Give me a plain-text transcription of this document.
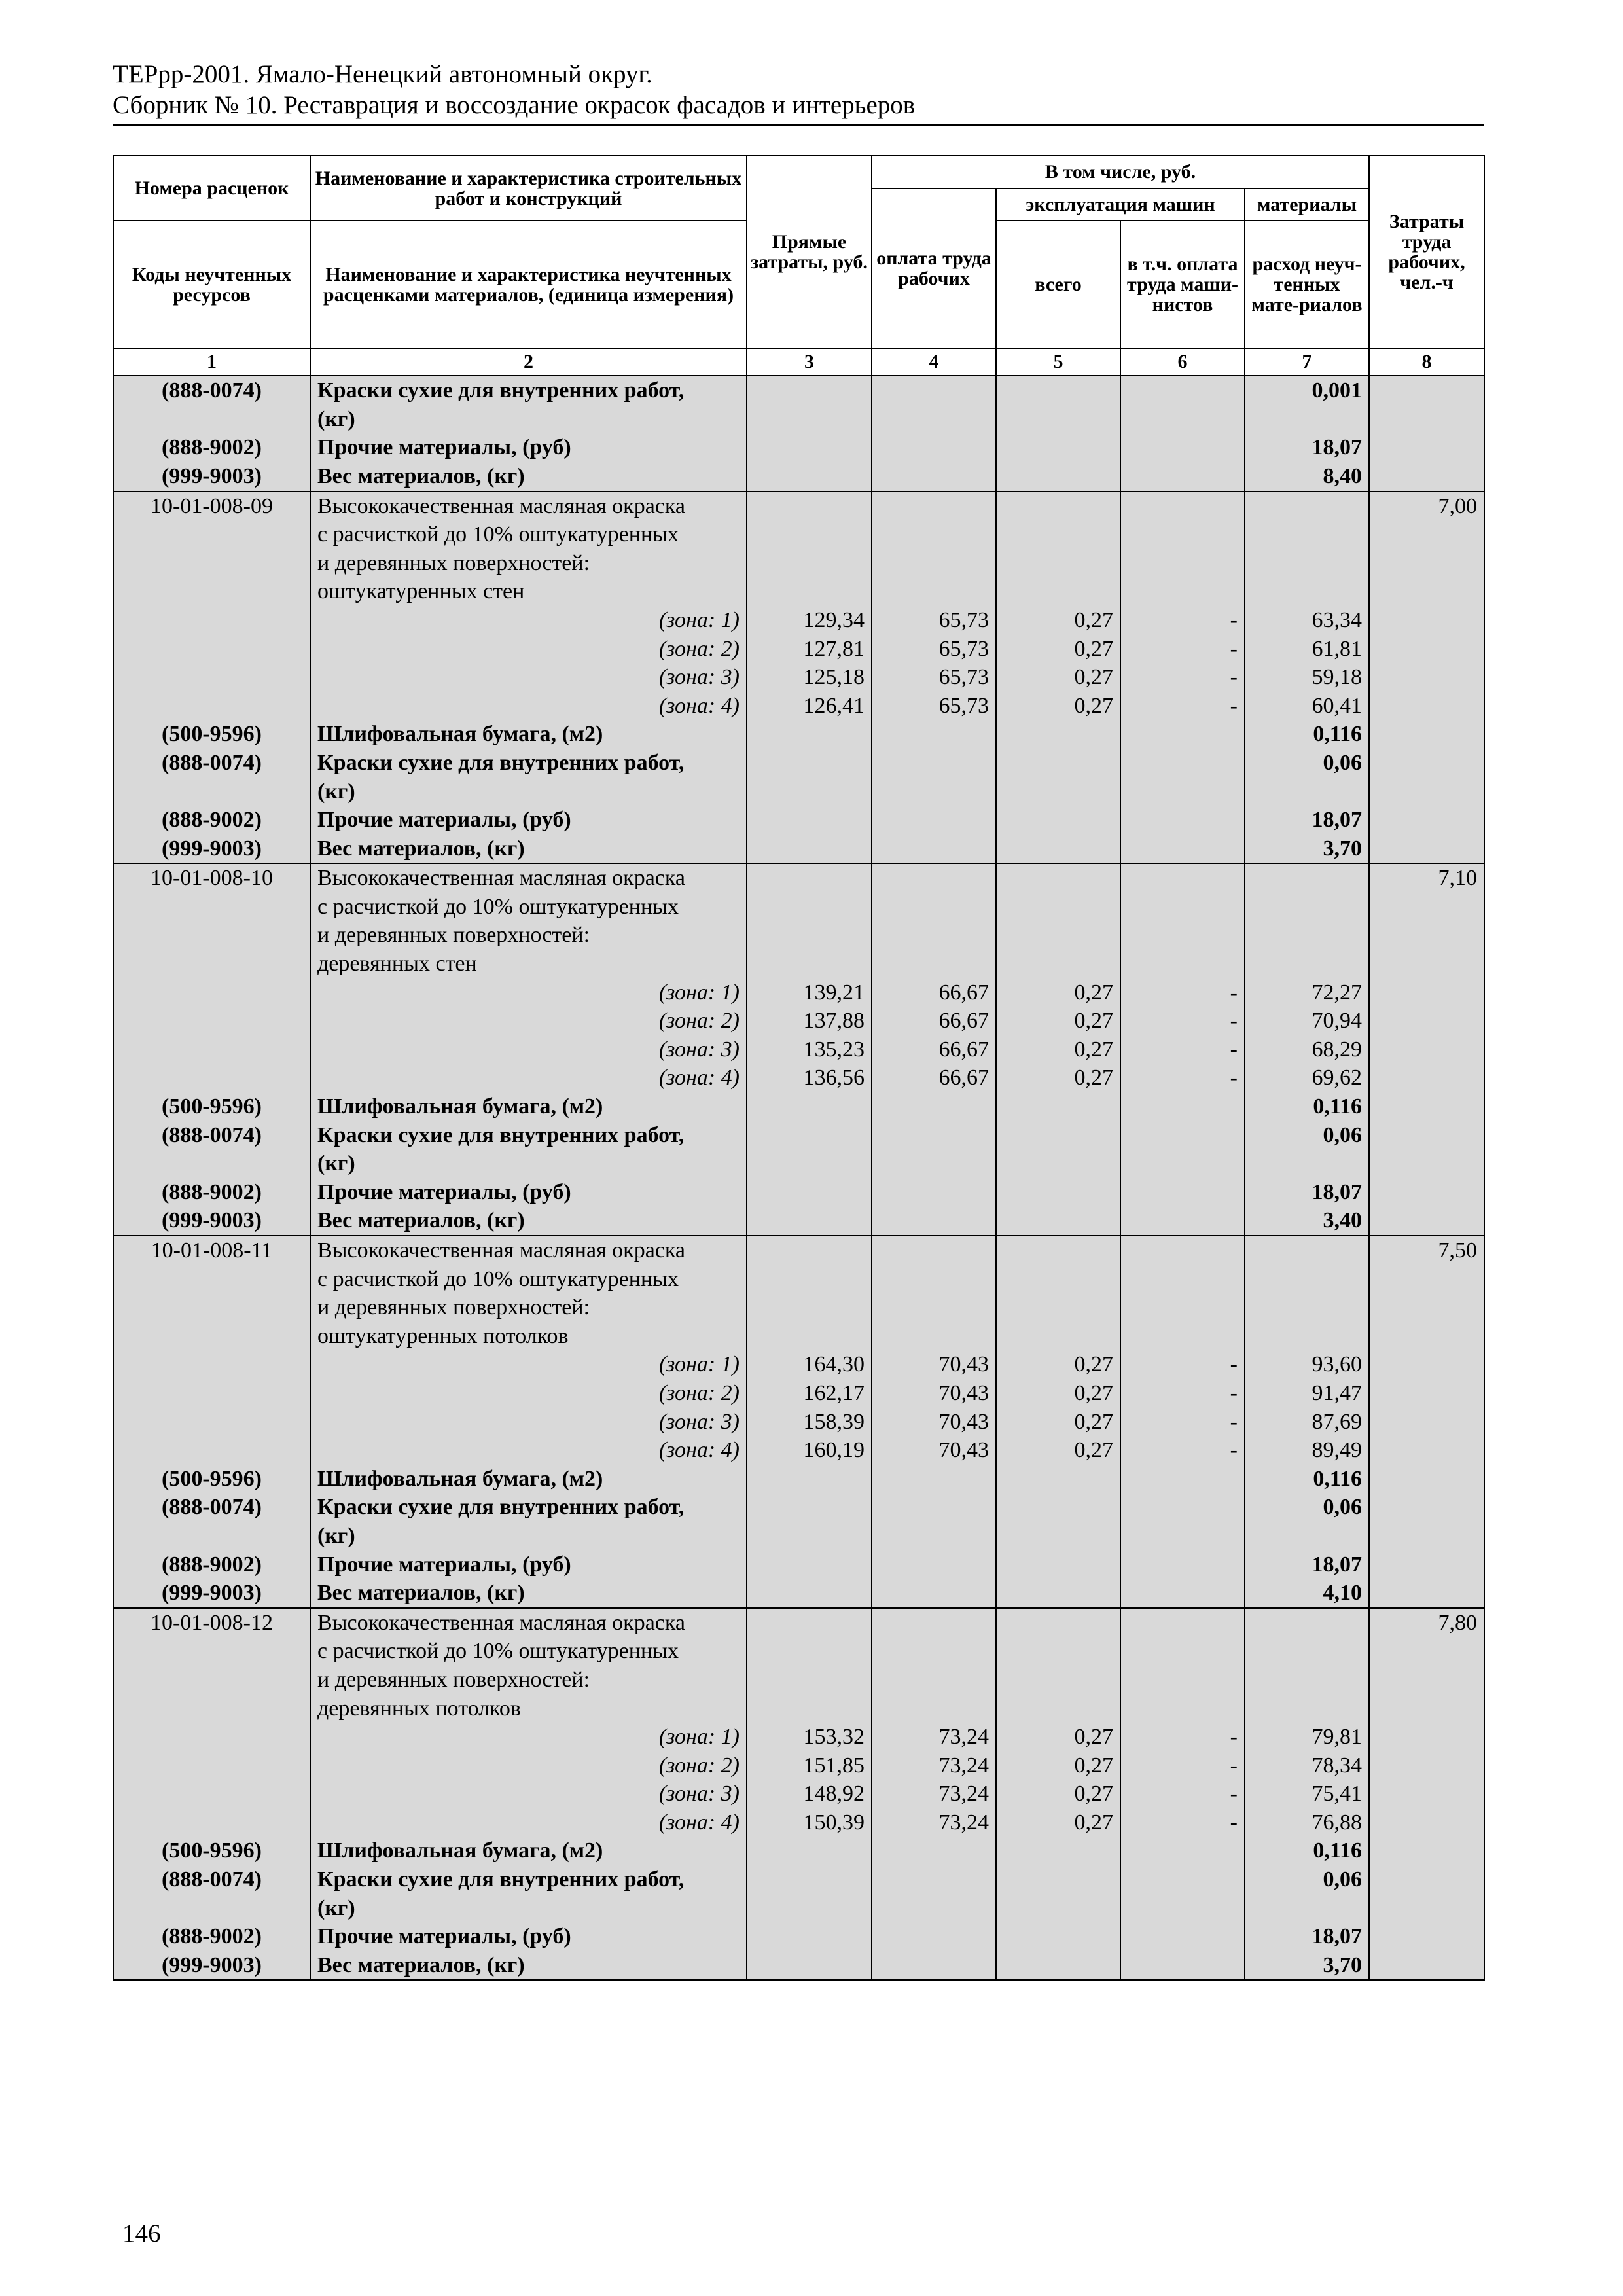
ТЕРрр-2001. Ямало-Ненецкий автономный округ.
Сборник № 10. Реставрация и воссоздание окрасок фасадов и интерьеров
Номера расценок	Наименование и характеристика строительных работ и конструкций	Прямые затраты, руб.	В том числе, руб.				Затраты труда рабочих, чел.-ч
			оплата труда рабочих	эксплуатация машин		материалы	
Коды неучтенных ресурсов	Наименование и характеристика неучтенных расценками материалов, (единица измерения)			всего	в т.ч. оплата труда маши-нистов	расход неуч-тенных мате-риалов	
1	2	3	4	5	6	7	8
(888-0074)	Краски сухие для внутренних работ,					0,001	
	(кг)						
(888-9002)	Прочие материалы, (руб)					18,07	
(999-9003)	Вес материалов, (кг)					8,40	
10-01-008-09	Высококачественная масляная окраска						7,00
	с расчисткой до 10% оштукатуренных						
	и деревянных поверхностей:						
	оштукатуренных стен						
	(зона: 1)	129,34	65,73	0,27	-	63,34	
	(зона: 2)	127,81	65,73	0,27	-	61,81	
	(зона: 3)	125,18	65,73	0,27	-	59,18	
	(зона: 4)	126,41	65,73	0,27	-	60,41	
(500-9596)	Шлифовальная бумага, (м2)					0,116	
(888-0074)	Краски сухие для внутренних работ,					0,06	
	(кг)						
(888-9002)	Прочие материалы, (руб)					18,07	
(999-9003)	Вес материалов, (кг)					3,70	
10-01-008-10	Высококачественная масляная окраска						7,10
	с расчисткой до 10% оштукатуренных						
	и деревянных поверхностей:						
	деревянных стен						
	(зона: 1)	139,21	66,67	0,27	-	72,27	
	(зона: 2)	137,88	66,67	0,27	-	70,94	
	(зона: 3)	135,23	66,67	0,27	-	68,29	
	(зона: 4)	136,56	66,67	0,27	-	69,62	
(500-9596)	Шлифовальная бумага, (м2)					0,116	
(888-0074)	Краски сухие для внутренних работ,					0,06	
	(кг)						
(888-9002)	Прочие материалы, (руб)					18,07	
(999-9003)	Вес материалов, (кг)					3,40	
10-01-008-11	Высококачественная масляная окраска						7,50
	с расчисткой до 10% оштукатуренных						
	и деревянных поверхностей:						
	оштукатуренных потолков						
	(зона: 1)	164,30	70,43	0,27	-	93,60	
	(зона: 2)	162,17	70,43	0,27	-	91,47	
	(зона: 3)	158,39	70,43	0,27	-	87,69	
	(зона: 4)	160,19	70,43	0,27	-	89,49	
(500-9596)	Шлифовальная бумага, (м2)					0,116	
(888-0074)	Краски сухие для внутренних работ,					0,06	
	(кг)						
(888-9002)	Прочие материалы, (руб)					18,07	
(999-9003)	Вес материалов, (кг)					4,10	
10-01-008-12	Высококачественная масляная окраска						7,80
	с расчисткой до 10% оштукатуренных						
	и деревянных поверхностей:						
	деревянных потолков						
	(зона: 1)	153,32	73,24	0,27	-	79,81	
	(зона: 2)	151,85	73,24	0,27	-	78,34	
	(зона: 3)	148,92	73,24	0,27	-	75,41	
	(зона: 4)	150,39	73,24	0,27	-	76,88	
(500-9596)	Шлифовальная бумага, (м2)					0,116	
(888-0074)	Краски сухие для внутренних работ,					0,06	
	(кг)						
(888-9002)	Прочие материалы, (руб)					18,07	
(999-9003)	Вес материалов, (кг)					3,70	
146
